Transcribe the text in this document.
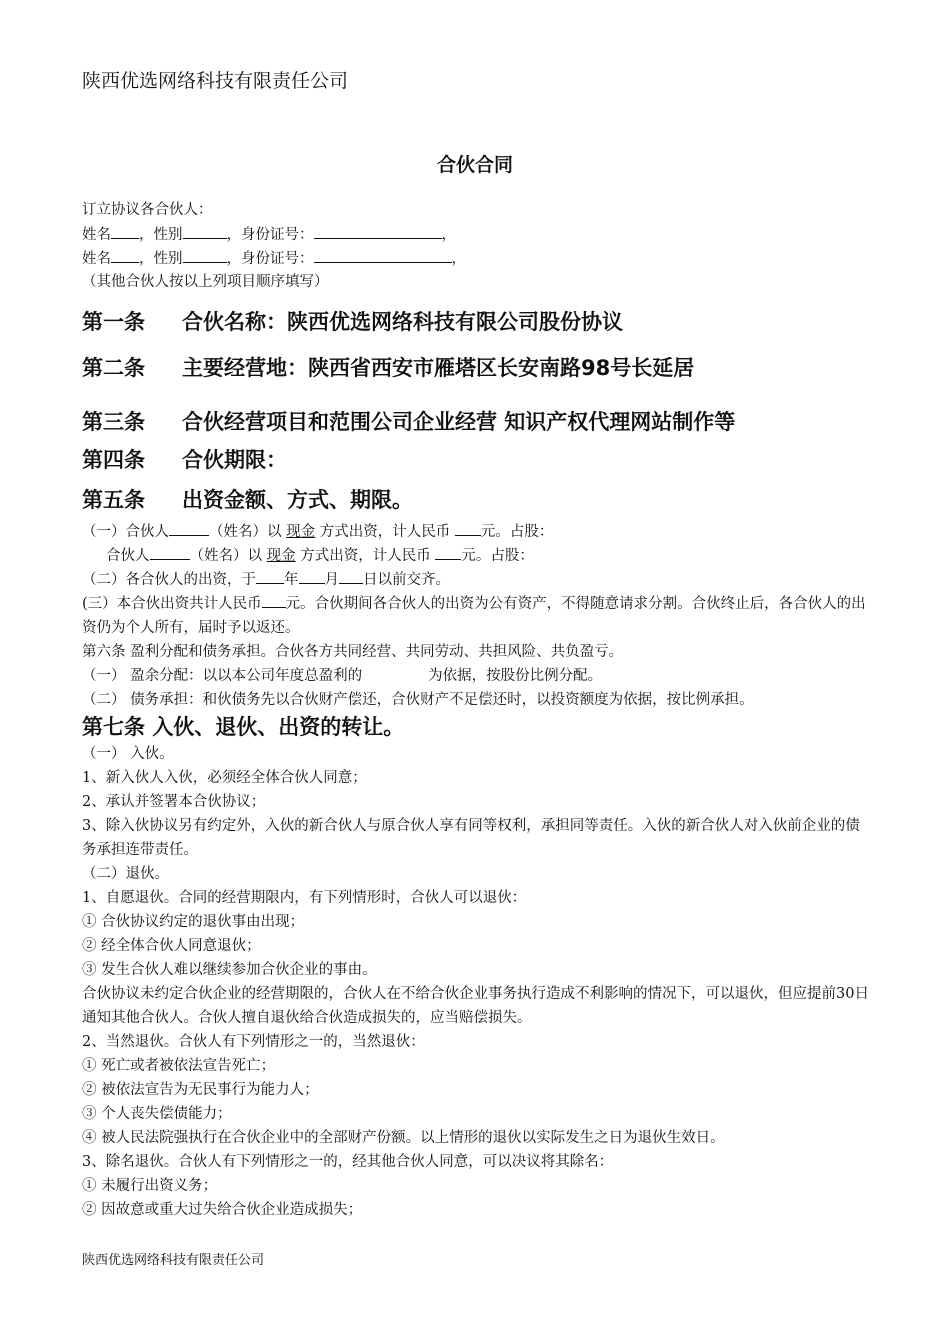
陕西优选网络科技有限责任公司
合伙合同
订立协议各合伙人：
姓名 ，性别	，身份证号：	，
姓名 ，性别	，身份证号：	，
（其他合伙人按以上列项目顺序填写）
第一条 合伙名称：陕西优选网络科技有限公司股份协议
第二条 主要经营地：陕西省西安市雁塔区长安南路98号长延居
第三条 合伙经营项目和范围公司企业经营 知识产权代理网站制作等
第四条 合伙期限：
第五条 出资金额、方式、期限。
（一）合伙人	（姓名）以 现金 方式出资，计人民币 元。占股：
合伙人	（姓名）以 现金 方式出资，计人民币 元。占股：
（二）各合伙人的出资，于 年 月 日以前交齐。
(三）本合伙出资共计人民币 元。合伙期间各合伙人的出资为公有资产，不得随意请求分割。合伙终止后，各合伙人的出资仍为个人所有，届时予以返还。
第六条 盈利分配和债务承担。合伙各方共同经营、共同劳动、共担风险、共负盈亏。
（一） 盈余分配：以以本公司年度总盈利的	为依据，按股份比例分配。
（二） 债务承担：和伙债务先以合伙财产偿还，合伙财产不足偿还时，以投资额度为依据，按比例承担。
第七条 入伙、退伙、出资的转让。
（一） 入伙。
1、新入伙人入伙，必须经全体合伙人同意；
2、承认并签署本合伙协议；
3、除入伙协议另有约定外，入伙的新合伙人与原合伙人享有同等权利，承担同等责任。入伙的新合伙人对入伙前企业的债务承担连带责任。
（二）退伙。
1、自愿退伙。合同的经营期限内，有下列情形时，合伙人可以退伙：
① 合伙协议约定的退伙事由出现；
② 经全体合伙人同意退伙；
③ 发生合伙人难以继续参加合伙企业的事由。
合伙协议未约定合伙企业的经营期限的，合伙人在不给合伙企业事务执行造成不利影响的情况下，可以退伙，但应提前30日通知其他合伙人。合伙人擅自退伙给合伙造成损失的，应当赔偿损失。
2、当然退伙。合伙人有下列情形之一的，当然退伙：
① 死亡或者被依法宣告死亡；
② 被依法宣告为无民事行为能力人；
③ 个人丧失偿债能力；
④ 被人民法院强执行在合伙企业中的全部财产份额。以上情形的退伙以实际发生之日为退伙生效日。
3、除名退伙。合伙人有下列情形之一的，经其他合伙人同意，可以决议将其除名：
① 未履行出资义务；
② 因故意或重大过失给合伙企业造成损失；
陕西优选网络科技有限责任公司
